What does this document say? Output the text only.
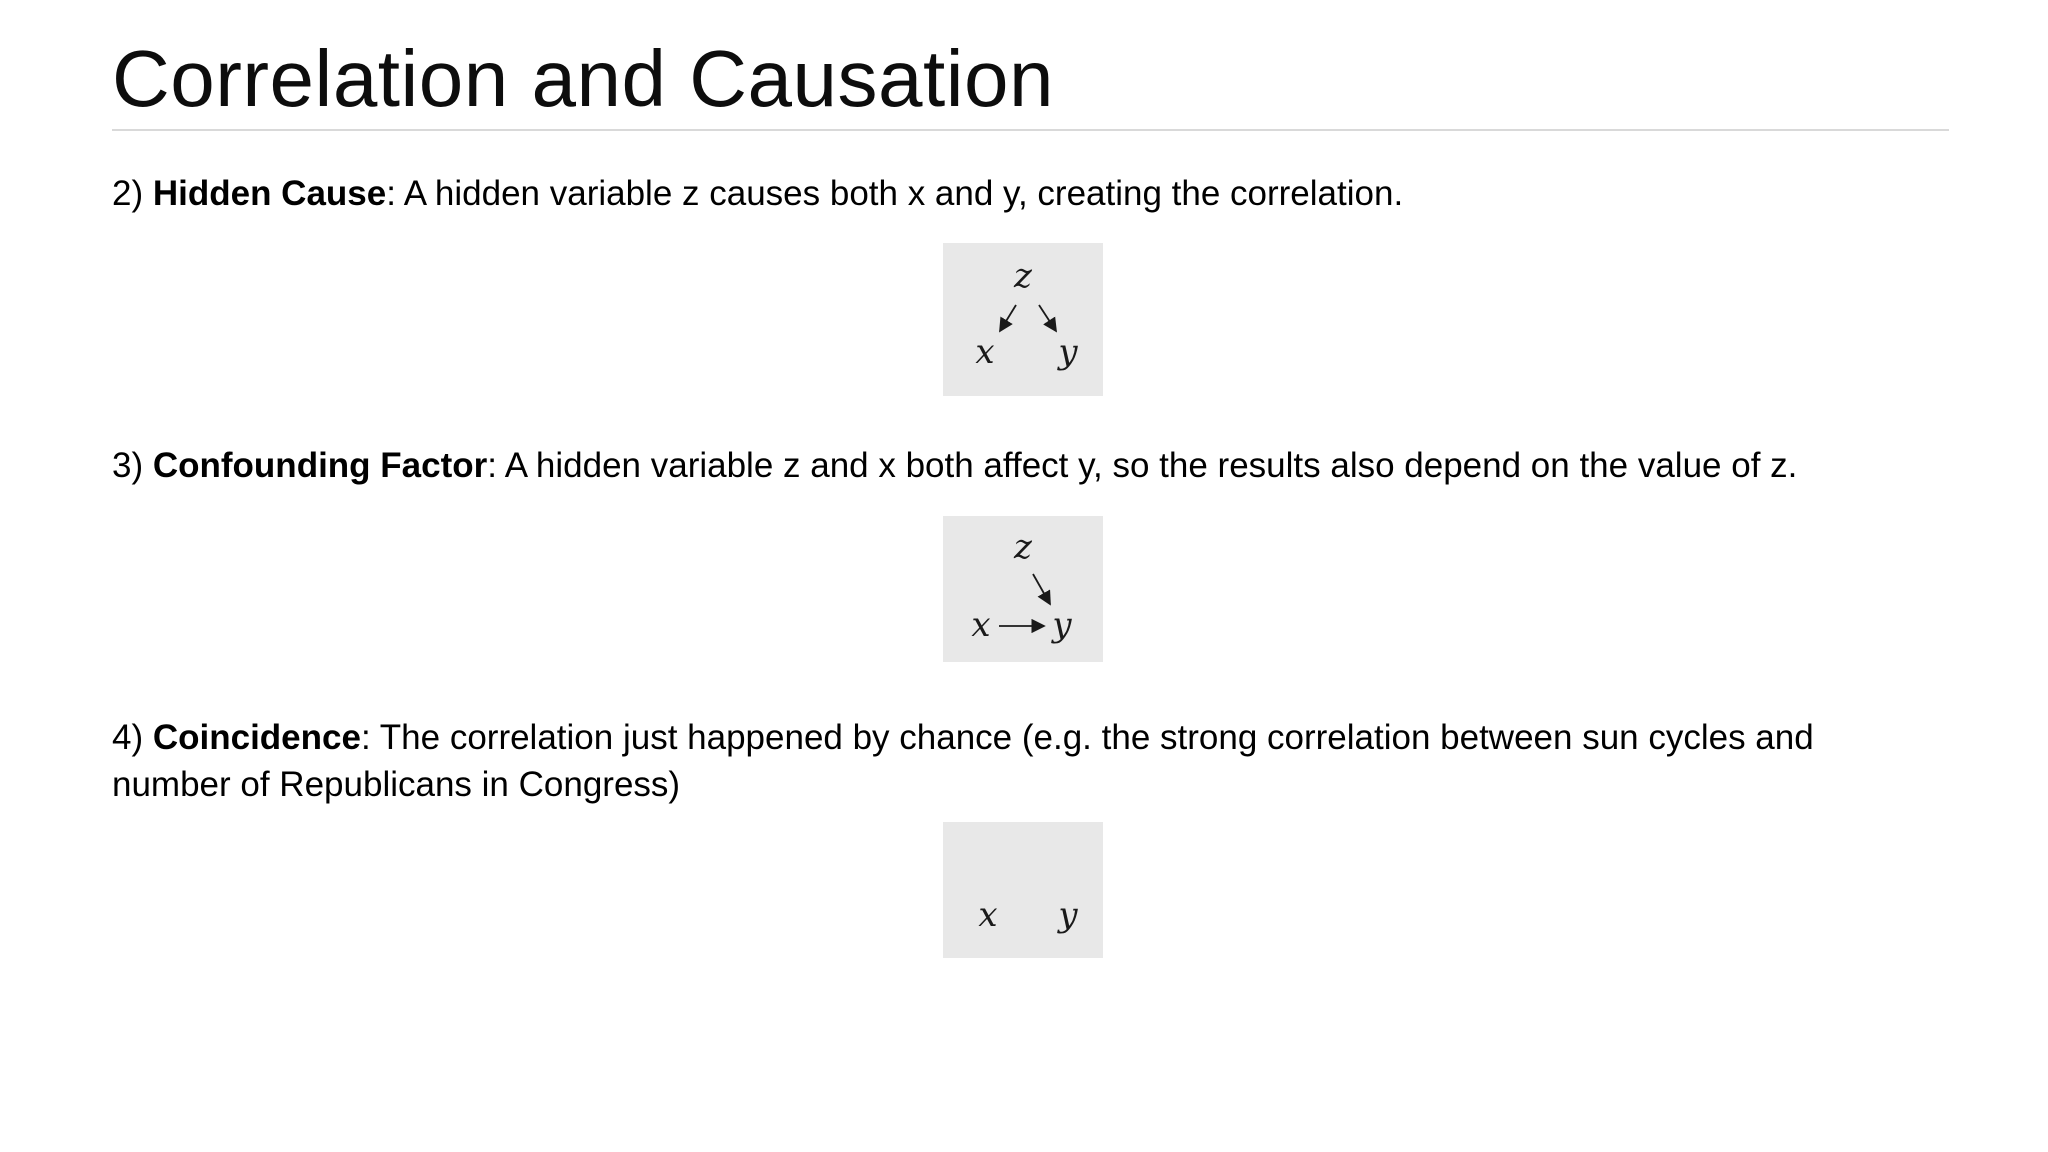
Correlation and Causation

2) Hidden Cause: A hidden variable z causes both x and y, creating the correlation.

z
x y

3) Confounding Factor: A hidden variable z and x both affect y, so the results also depend on the value of z.

z
x y

4) Coincidence: The correlation just happened by chance (e.g. the strong correlation between sun cycles and
number of Republicans in Congress)

x y
